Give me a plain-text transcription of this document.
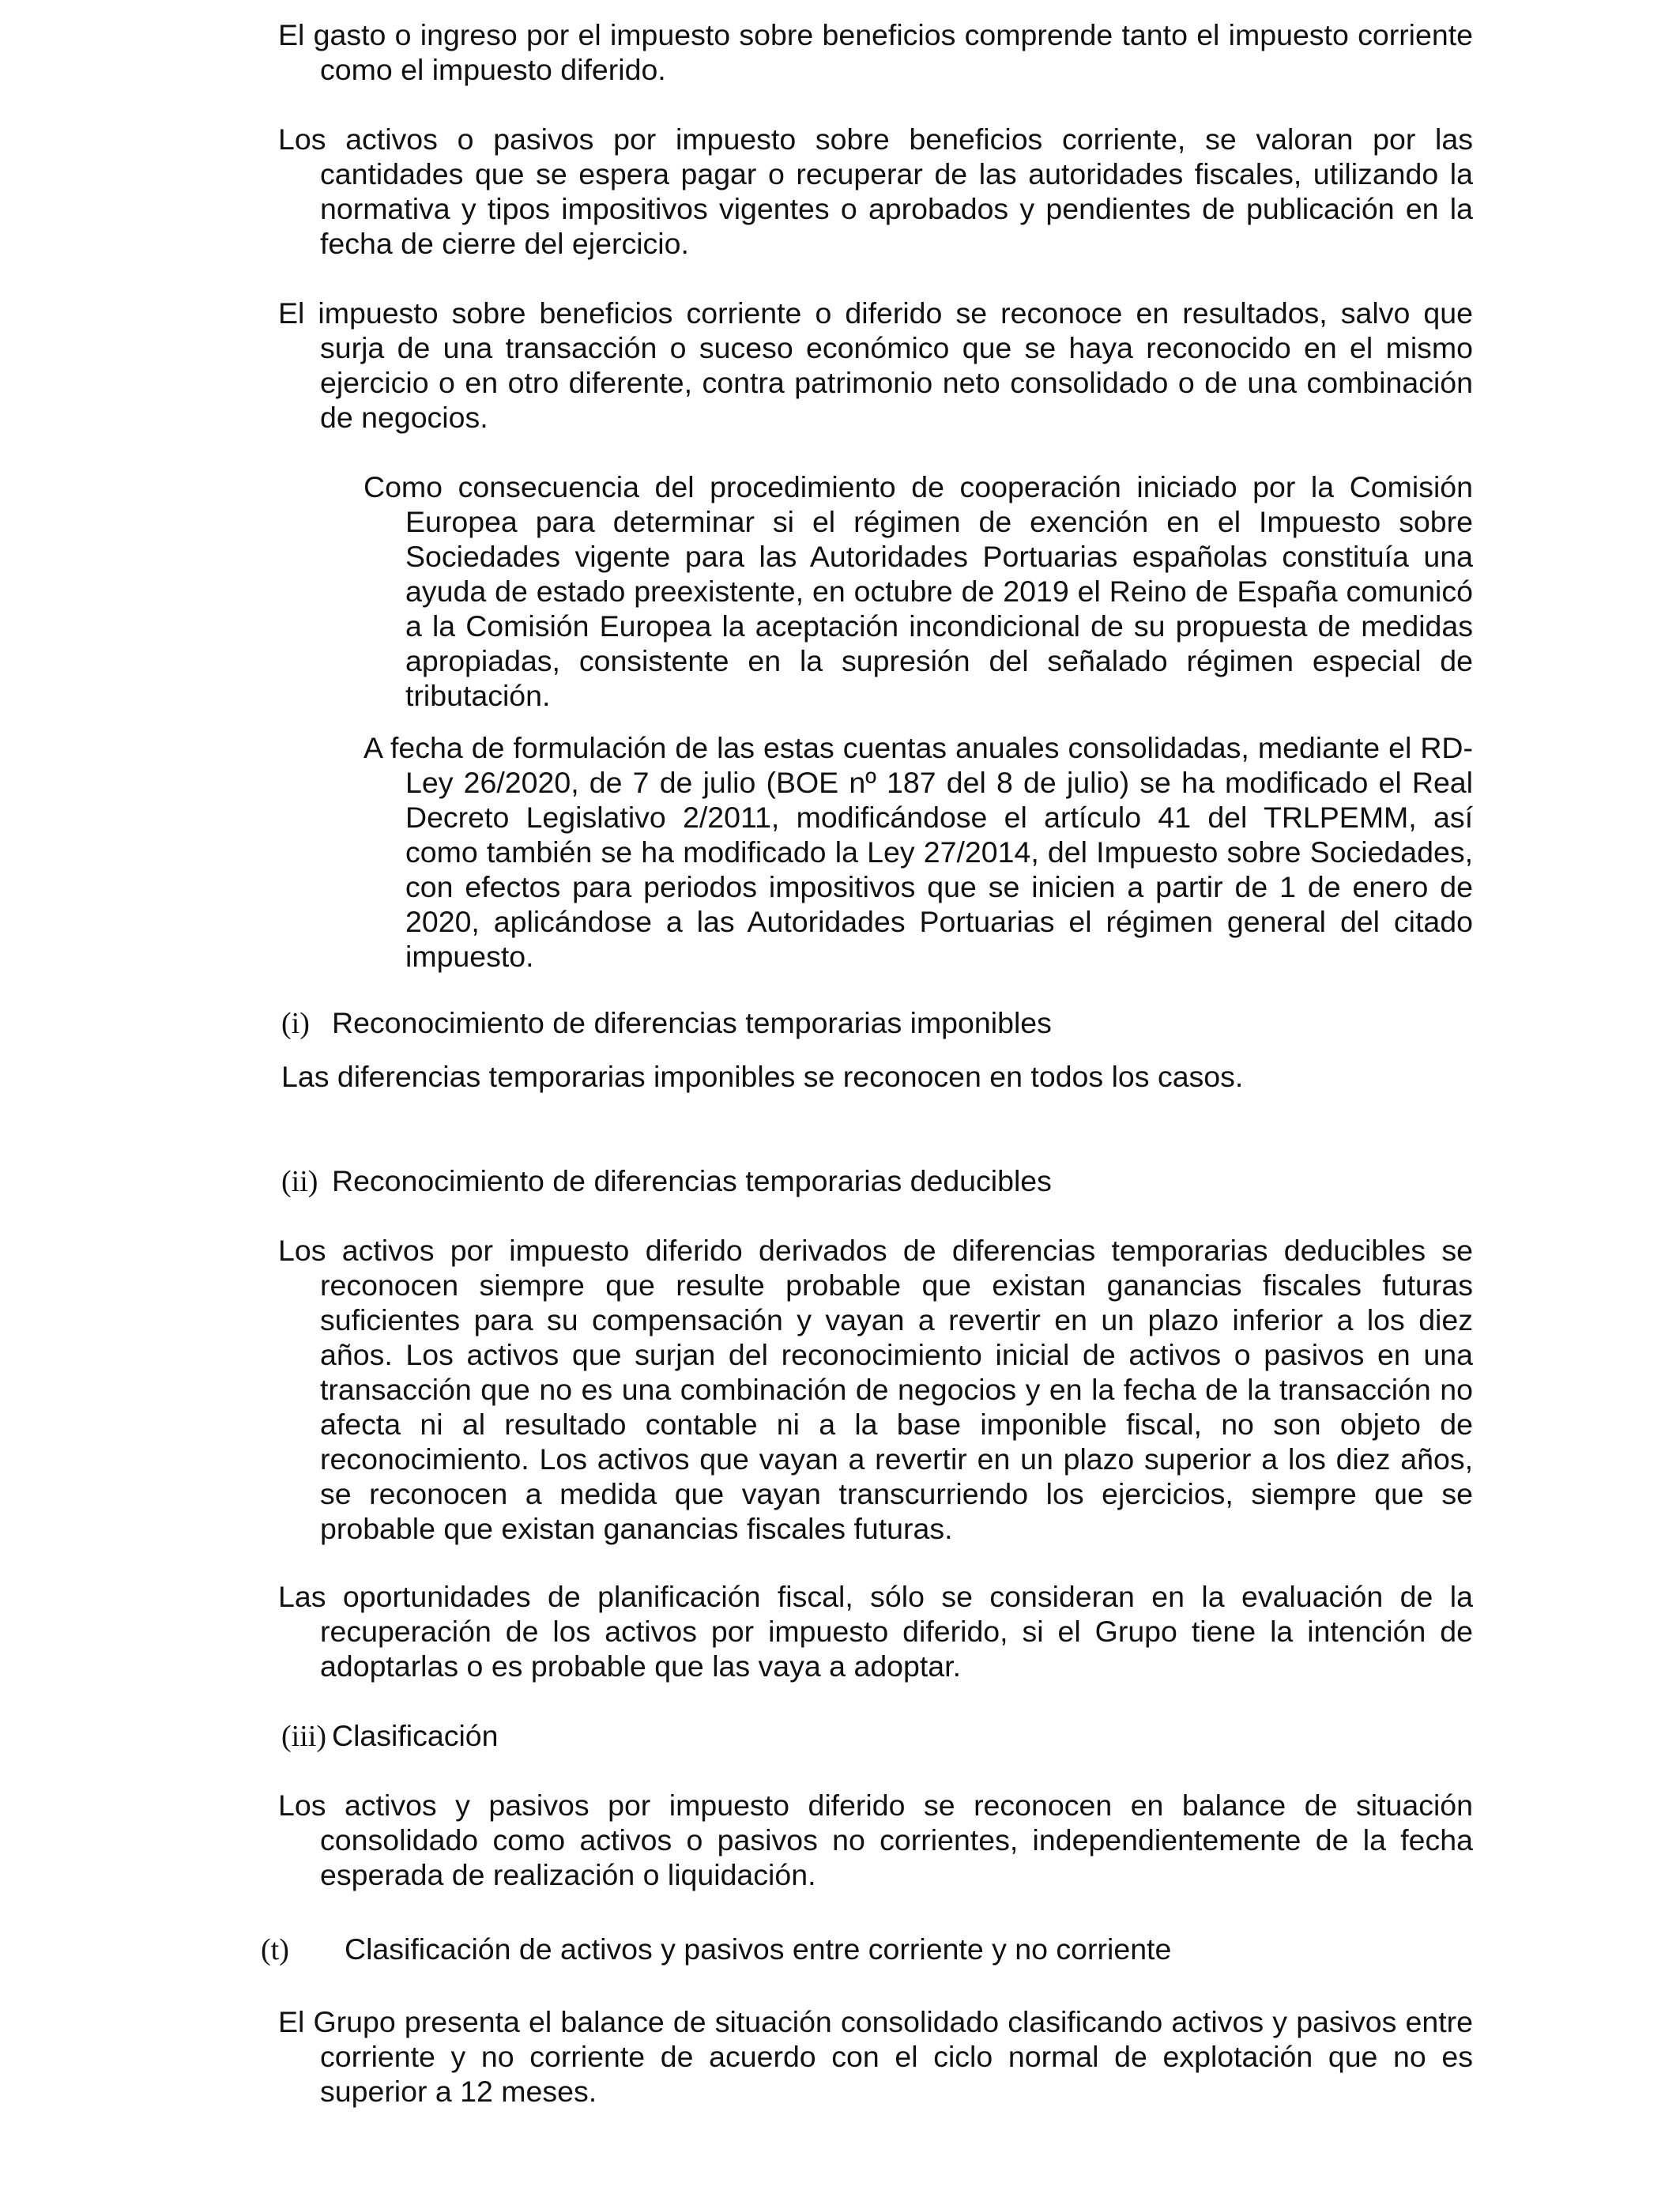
El gasto o ingreso por el impuesto sobre beneficios comprende tanto el impuesto corriente como el impuesto diferido.

Los activos o pasivos por impuesto sobre beneficios corriente, se valoran por las cantidades que se espera pagar o recuperar de las autoridades fiscales, utilizando la normativa y tipos impositivos vigentes o aprobados y pendientes de publicación en la fecha de cierre del ejercicio.

El impuesto sobre beneficios corriente o diferido se reconoce en resultados, salvo que surja de una transacción o suceso económico que se haya reconocido en el mismo ejercicio o en otro diferente, contra patrimonio neto consolidado o de una combinación de negocios.

Como consecuencia del procedimiento de cooperación iniciado por la Comisión Europea para determinar si el régimen de exención en el Impuesto sobre Sociedades vigente para las Autoridades Portuarias españolas constituía una ayuda de estado preexistente, en octubre de 2019 el Reino de España comunicó a la Comisión Europea la aceptación incondicional de su propuesta de medidas apropiadas, consistente en la supresión del señalado régimen especial de tributación.

A fecha de formulación de las estas cuentas anuales consolidadas, mediante el RD-Ley 26/2020, de 7 de julio (BOE nº 187 del 8 de julio) se ha modificado el Real Decreto Legislativo 2/2011, modificándose el artículo 41 del TRLPEMM, así como también se ha modificado la Ley 27/2014, del Impuesto sobre Sociedades, con efectos para periodos impositivos que se inicien a partir de 1 de enero de 2020, aplicándose a las Autoridades Portuarias el régimen general del citado impuesto.

(i) Reconocimiento de diferencias temporarias imponibles

Las diferencias temporarias imponibles se reconocen en todos los casos.

(ii) Reconocimiento de diferencias temporarias deducibles

Los activos por impuesto diferido derivados de diferencias temporarias deducibles se reconocen siempre que resulte probable que existan ganancias fiscales futuras suficientes para su compensación y vayan a revertir en un plazo inferior a los diez años. Los activos que surjan del reconocimiento inicial de activos o pasivos en una transacción que no es una combinación de negocios y en la fecha de la transacción no afecta ni al resultado contable ni a la base imponible fiscal, no son objeto de reconocimiento. Los activos que vayan a revertir en un plazo superior a los diez años, se reconocen a medida que vayan transcurriendo los ejercicios, siempre que se probable que existan ganancias fiscales futuras.

Las oportunidades de planificación fiscal, sólo se consideran en la evaluación de la recuperación de los activos por impuesto diferido, si el Grupo tiene la intención de adoptarlas o es probable que las vaya a adoptar.

(iii) Clasificación

Los activos y pasivos por impuesto diferido se reconocen en balance de situación consolidado como activos o pasivos no corrientes, independientemente de la fecha esperada de realización o liquidación.

(t) Clasificación de activos y pasivos entre corriente y no corriente

El Grupo presenta el balance de situación consolidado clasificando activos y pasivos entre corriente y no corriente de acuerdo con el ciclo normal de explotación que no es superior a 12 meses.
